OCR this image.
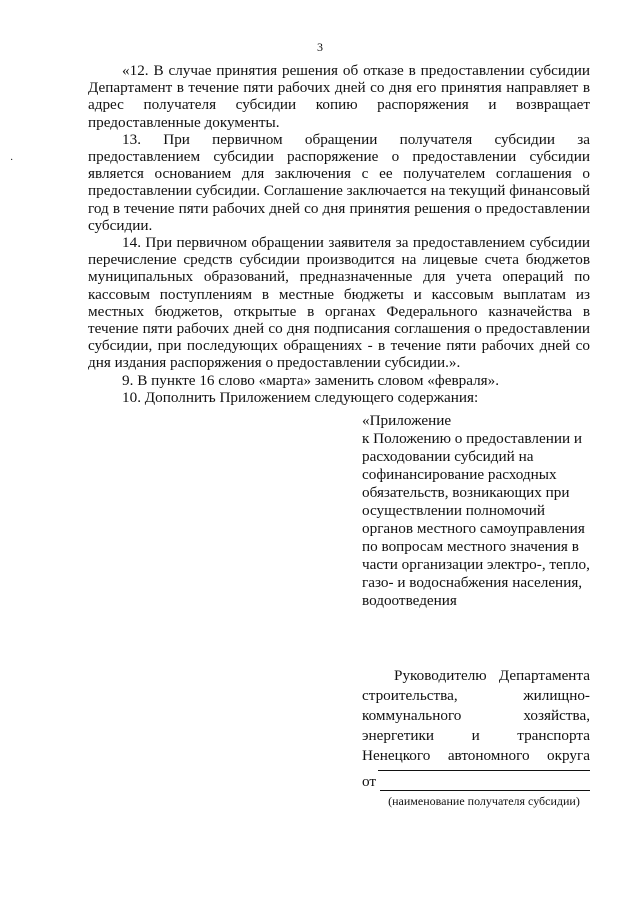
3
·

«12. В случае принятия решения об отказе в предоставлении субсидии Департамент в течение пяти рабочих дней со дня его принятия направляет в адрес получателя субсидии копию распоряжения и возвращает предоставленные документы.

13. При первичном обращении получателя субсидии за предоставлением субсидии распоряжение о предоставлении субсидии является основанием для заключения с ее получателем соглашения о предоставлении субсидии. Соглашение заключается на текущий финансовый год в течение пяти рабочих дней со дня принятия решения о предоставлении субсидии.

14. При первичном обращении заявителя за предоставлением субсидии перечисление средств субсидии производится на лицевые счета бюджетов муниципальных образований, предназначенные для учета операций по кассовым поступлениям в местные бюджеты и кассовым выплатам из местных бюджетов, открытые в органах Федерального казначейства в течение пяти рабочих дней со дня подписания соглашения о предоставлении субсидии, при последующих обращениях - в течение пяти рабочих дней со дня издания распоряжения о предоставлении субсидии.».

9. В пункте 16 слово «марта» заменить словом «февраля».

10. Дополнить Приложением следующего содержания:

«Приложение
к Положению о предоставлении и
расходовании субсидий на
софинансирование расходных
обязательств, возникающих при
осуществлении полномочий
органов местного самоуправления
по вопросам местного значения в
части организации электро-, тепло,
газо- и водоснабжения населения,
водоотведения
Руководителю Департамента
строительства,	жилищно-
коммунального	хозяйства,
энергетики и транспорта
Ненецкого автономного округа
от
(наименование получателя субсидии)
